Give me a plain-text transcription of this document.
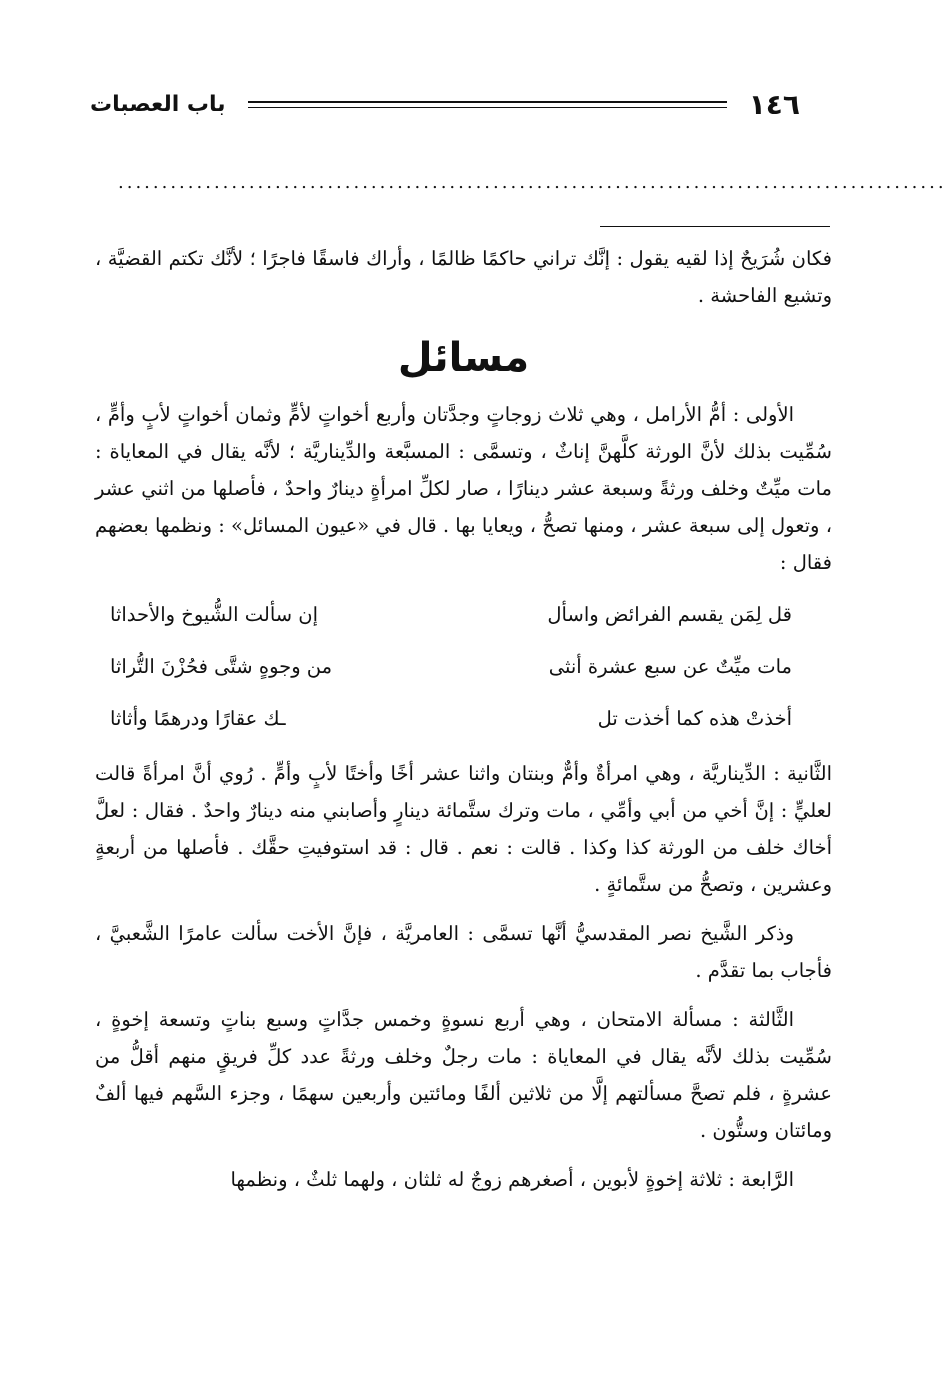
١٤٦
باب العصبات
...............................................................................................

فكان شُرَيحٌ إذا لقيه يقول : إنَّك تراني حاكمًا ظالمًا ، وأراك فاسقًا فاجرًا ؛ لأنَّك تكتم القضيَّة ، وتشيع الفاحشة .

مسائل

الأولى : أمُّ الأرامل ، وهي ثلاث زوجاتٍ وجدَّتان وأربع أخواتٍ لأمٍّ وثمان أخواتٍ لأبٍ وأمٍّ ، سُمِّيت بذلك لأنَّ الورثة كلَّهنَّ إناثٌ ، وتسمَّى : المسبَّعة والدِّيناريَّة ؛ لأنَّه يقال في المعاياة : مات ميِّتٌ وخلف ورثةً وسبعة عشر دينارًا ، صار لكلِّ امرأةٍ دينارٌ واحدٌ ، فأصلها من اثني عشر ، وتعول إلى سبعة عشر ، ومنها تصحُّ ، ويعايا بها . قال في «عيون المسائل» : ونظمها بعضهم فقال :

قل لِمَن يقسم الفرائض واسأل
إن سألت الشُّيوخ والأحداثا
مات ميِّتٌ عن سبع عشرة أنثى
من وجوهٍ شتَّى فحُزْنَ التُّراثا
أخذتْ هذه كما أخذت تل
ـك عقارًا ودرهمًا وأثاثا

الثَّانية : الدِّيناريَّة ، وهي امرأةٌ وأمٌّ وبنتان واثنا عشر أخًا وأختًا لأبٍ وأمٍّ . رُوي أنَّ امرأةً قالت لعليٍّ : إنَّ أخي من أبي وأمِّي ، مات وترك ستَّمائة دينارٍ وأصابني منه دينارٌ واحدٌ . فقال : لعلَّ أخاك خلف من الورثة كذا وكذا . قالت : نعم . قال : قد استوفيتِ حقَّك . فأصلها من أربعةٍ وعشرين ، وتصحُّ من ستَّمائةٍ .

وذكر الشَّيخ نصر المقدسيُّ أنَّها تسمَّى : العامريَّة ، فإنَّ الأخت سألت عامرًا الشَّعبيَّ ، فأجاب بما تقدَّم .

الثَّالثة : مسألة الامتحان ، وهي أربع نسوةٍ وخمس جدَّاتٍ وسبع بناتٍ وتسعة إخوةٍ ، سُمِّيت بذلك لأنَّه يقال في المعاياة : مات رجلٌ وخلف ورثةً عدد كلِّ فريقٍ منهم أقلُّ من عشرةٍ ، فلم تصحَّ مسألتهم إلَّا من ثلاثين ألفًا ومائتين وأربعين سهمًا ، وجزء السَّهم فيها ألفٌ ومائتان وستُّون .

الرَّابعة : ثلاثة إخوةٍ لأبوين ، أصغرهم زوجٌ له ثلثان ، ولهما ثلثٌ ، ونظمها
